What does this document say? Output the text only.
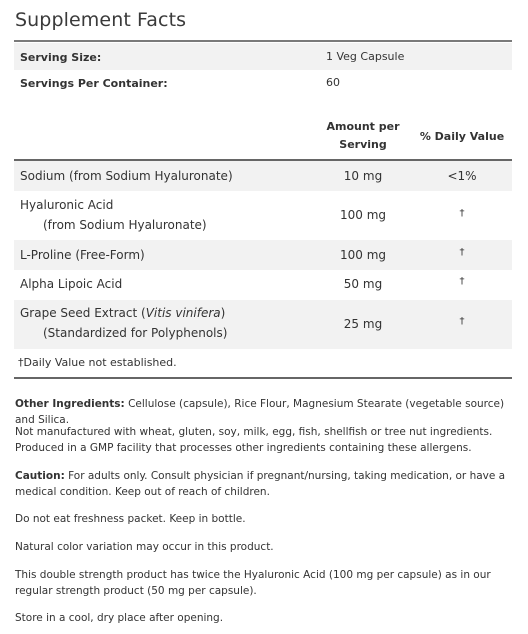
Supplement Facts
Serving Size:	1 Veg Capsule
Servings Per Container:	60
Amount per
Serving
% Daily Value
Sodium (from Sodium Hyaluronate)	10 mg	<1%
Hyaluronic Acid
(from Sodium Hyaluronate)
100 mg	†
L-Proline (Free-Form)	100 mg	†
Alpha Lipoic Acid	50 mg	†
Grape Seed Extract (Vitis vinifera)
(Standardized for Polyphenols)
25 mg	†
†Daily Value not established.
Other Ingredients: Cellulose (capsule), Rice Flour, Magnesium Stearate (vegetable source) and Silica.
Not manufactured with wheat, gluten, soy, milk, egg, fish, shellfish or tree nut ingredients. Produced in a GMP facility that processes other ingredients containing these allergens.
Caution: For adults only. Consult physician if pregnant/nursing, taking medication, or have a medical condition. Keep out of reach of children.
Do not eat freshness packet. Keep in bottle.
Natural color variation may occur in this product.
This double strength product has twice the Hyaluronic Acid (100 mg per capsule) as in our regular strength product (50 mg per capsule).
Store in a cool, dry place after opening.
